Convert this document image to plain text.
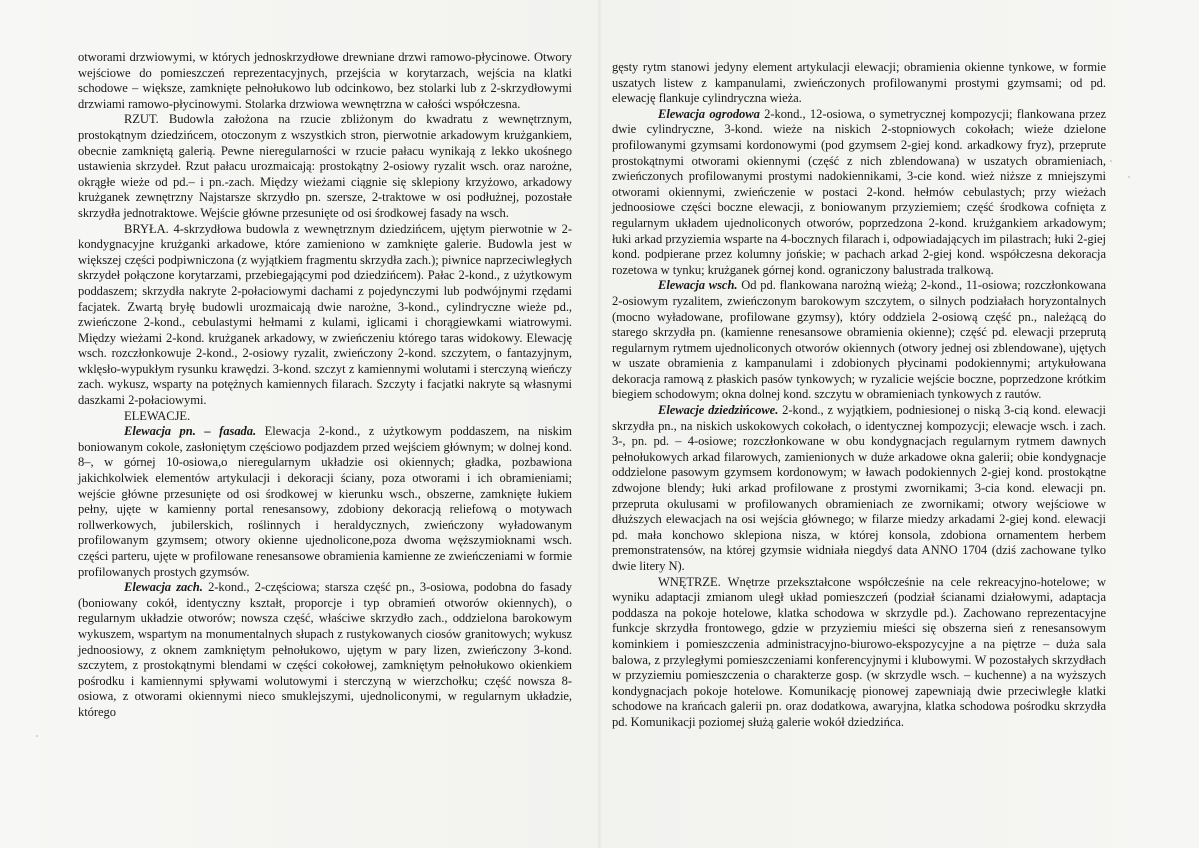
otworami drzwiowymi, w których jednoskrzydłowe drewniane drzwi ramowo-płycinowe. Otwory wejściowe do pomieszczeń reprezentacyjnych, przejścia w korytarzach, wejścia na klatki schodowe – większe, zamknięte pełnołukowo lub odcinkowo, bez stolarki lub z 2-skrzydłowymi drzwiami ramowo-płycinowymi. Stolarka drzwiowa wewnętrzna w całości współczesna.

RZUT. Budowla założona na rzucie zbliżonym do kwadratu z wewnętrznym, prostokątnym dziedzińcem, otoczonym z wszystkich stron, pierwotnie arkadowym krużgankiem, obecnie zamkniętą galerią. Pewne nieregularności w rzucie pałacu wynikają z lekko ukośnego ustawienia skrzydeł. Rzut pałacu urozmaicają: prostokątny 2-osiowy ryzalit wsch. oraz narożne, okrągłe wieże od pd.– i pn.-zach. Między wieżami ciągnie się sklepiony krzyżowo, arkadowy krużganek zewnętrzny Najstarsze skrzydło pn. szersze, 2-traktowe w osi podłużnej, pozostałe skrzydła jednotraktowe. Wejście główne przesunięte od osi środkowej fasady na wsch.

BRYŁA. 4-skrzydłowa budowla z wewnętrznym dziedzińcem, ujętym pierwotnie w 2-kondygnacyjne krużganki arkadowe, które zamieniono w zamknięte galerie. Budowla jest w większej części podpiwniczona (z wyjątkiem fragmentu skrzydła zach.); piwnice naprzeciwległych skrzydeł połączone korytarzami, przebiegającymi pod dziedzińcem). Pałac 2-kond., z użytkowym poddaszem; skrzydła nakryte 2-połaciowymi dachami z pojedynczymi lub podwójnymi rzędami facjatek. Zwartą bryłę budowli urozmaicają dwie narożne, 3-kond., cylindryczne wieże pd., zwieńczone 2-kond., cebulastymi hełmami z kulami, iglicami i chorągiewkami wiatrowymi. Między wieżami 2-kond. krużganek arkadowy, w zwieńczeniu którego taras widokowy. Elewację wsch. rozczłonkowuje 2-kond., 2-osiowy ryzalit, zwieńczony 2-kond. szczytem, o fantazyjnym, wklęsło-wypukłym rysunku krawędzi. 3-kond. szczyt z kamiennymi wolutami i sterczyną wieńczy zach. wykusz, wsparty na potężnych kamiennych filarach. Szczyty i facjatki nakryte są własnymi daszkami 2-połaciowymi.

ELEWACJE.

Elewacja pn. – fasada. Elewacja 2-kond., z użytkowym poddaszem, na niskim boniowanym cokole, zasłoniętym częściowo podjazdem przed wejściem głównym; w dolnej kond. 8–, w górnej 10-osiowa,o nieregularnym układzie osi okiennych; gładka, pozbawiona jakichkolwiek elementów artykulacji i dekoracji ściany, poza otworami i ich obramieniami; wejście główne przesunięte od osi środkowej w kierunku wsch., obszerne, zamknięte łukiem pełny, ujęte w kamienny portal renesansowy, zdobiony dekoracją reliefową o motywach rollwerkowych, jubilerskich, roślinnych i heraldycznych, zwieńczony wyładowanym profilowanym gzymsem; otwory okienne ujednolicone,poza dwoma węższymioknami wsch. części parteru, ujęte w profilowane renesansowe obramienia kamienne ze zwieńczeniami w formie profilowanych prostych gzymsów.

Elewacja zach. 2-kond., 2-częściowa; starsza część pn., 3-osiowa, podobna do fasady (boniowany cokół, identyczny kształt, proporcje i typ obramień otworów okiennych), o regularnym układzie otworów; nowsza część, właściwe skrzydło zach., oddzielona barokowym wykuszem, wspartym na monumentalnych słupach z rustykowanych ciosów granitowych; wykusz jednoosiowy, z oknem zamkniętym pełnołukowo, ujętym w pary lizen, zwieńczony 3-kond. szczytem, z prostokątnymi blendami w części cokołowej, zamkniętym pełnołukowo okienkiem pośrodku i kamiennymi spływami wolutowymi i sterczyną w wierzchołku; część nowsza 8-osiowa, z otworami okiennymi nieco smuklejszymi, ujednoliconymi, w regularnym układzie, którego

gęsty rytm stanowi jedyny element artykulacji elewacji; obramienia okienne tynkowe, w formie uszatych listew z kampanulami, zwieńczonych profilowanymi prostymi gzymsami; od pd. elewację flankuje cylindryczna wieża.

Elewacja ogrodowa 2-kond., 12-osiowa, o symetrycznej kompozycji; flankowana przez dwie cylindryczne, 3-kond. wieże na niskich 2-stopniowych cokołach; wieże dzielone profilowanymi gzymsami kordonowymi (pod gzymsem 2-giej kond. arkadkowy fryz), przeprute prostokątnymi otworami okiennymi (część z nich zblendowana) w uszatych obramieniach, zwieńczonych profilowanymi prostymi nadokiennikami, 3-cie kond. wież niższe z mniejszymi otworami okiennymi, zwieńczenie w postaci 2-kond. hełmów cebulastych; przy wieżach jednoosiowe części boczne elewacji, z boniowanym przyziemiem; część środkowa cofnięta z regularnym układem ujednoliconych otworów, poprzedzona 2-kond. krużgankiem arkadowym; łuki arkad przyziemia wsparte na 4-bocznych filarach i, odpowiadających im pilastrach; łuki 2-giej kond. podpierane przez kolumny jońskie; w pachach arkad 2-giej kond. współczesna dekoracja rozetowa w tynku; krużganek górnej kond. ograniczony balustrada tralkową.

Elewacja wsch. Od pd. flankowana narożną wieżą; 2-kond., 11-osiowa; rozczłonkowana 2-osiowym ryzalitem, zwieńczonym barokowym szczytem, o silnych podziałach horyzontalnych (mocno wyładowane, profilowane gzymsy), który oddziela 2-osiową część pn., należącą do starego skrzydła pn. (kamienne renesansowe obramienia okienne); część pd. elewacji przeprutą regularnym rytmem ujednoliconych otworów okiennych (otwory jednej osi zblendowane), ujętych w uszate obramienia z kampanulami i zdobionych płycinami podokiennymi; artykułowana dekoracja ramową z płaskich pasów tynkowych; w ryzalicie wejście boczne, poprzedzone krótkim biegiem schodowym; okna dolnej kond. szczytu w obramieniach tynkowych z rautów.

Elewacje dziedzińcowe. 2-kond., z wyjątkiem, podniesionej o niską 3-cią kond. elewacji skrzydła pn., na niskich uskokowych cokołach, o identycznej kompozycji; elewacje wsch. i zach. 3-, pn. pd. – 4-osiowe; rozczłonkowane w obu kondygnacjach regularnym rytmem dawnych pełnołukowych arkad filarowych, zamienionych w duże arkadowe okna galerii; obie kondygnacje oddzielone pasowym gzymsem kordonowym; w ławach podokiennych 2-giej kond. prostokątne zdwojone blendy; łuki arkad profilowane z prostymi zwornikami; 3-cia kond. elewacji pn. przepruta okulusami w profilowanych obramieniach ze zwornikami; otwory wejściowe w dłuższych elewacjach na osi wejścia głównego; w filarze miedzy arkadami 2-giej kond. elewacji pd. mała konchowo sklepiona nisza, w której konsola, zdobiona ornamentem herbem premonstratensów, na której gzymsie widniała niegdyś data ANNO 1704 (dziś zachowane tylko dwie litery N).

WNĘTRZE. Wnętrze przekształcone współcześnie na cele rekreacyjno-hotelowe; w wyniku adaptacji zmianom uległ układ pomieszczeń (podział ścianami działowymi, adaptacja poddasza na pokoje hotelowe, klatka schodowa w skrzydle pd.). Zachowano reprezentacyjne funkcje skrzydła frontowego, gdzie w przyziemiu mieści się obszerna sień z renesansowym kominkiem i pomieszczenia administracyjno-biurowo-ekspozycyjne a na piętrze – duża sala balowa, z przyległymi pomieszczeniami konferencyjnymi i klubowymi. W pozostałych skrzydłach w przyziemiu pomieszczenia o charakterze gosp. (w skrzydle wsch. – kuchenne) a na wyższych kondygnacjach pokoje hotelowe. Komunikację pionowej zapewniają dwie przeciwległe klatki schodowe na krańcach galerii pn. oraz dodatkowa, awaryjna, klatka schodowa pośrodku skrzydła pd. Komunikacji poziomej służą galerie wokół dziedzińca.
